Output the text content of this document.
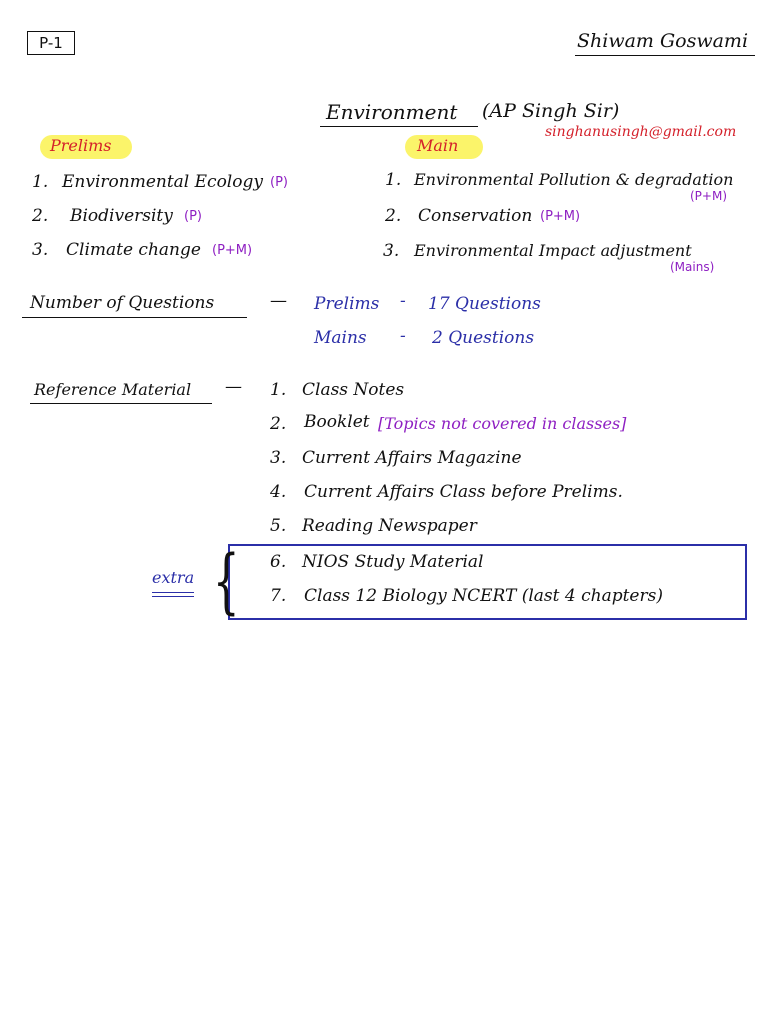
P-1	Shiwam Goswami
Environment (AP Singh Sir)
singhanusingh@gmail.com
Prelims	Main
1. Environmental Ecology (P)
2. Biodiversity (P)
3. Climate change (P+M)
1. Environmental Pollution & degradation
(P+M)
2. Conservation (P+M)
3. Environmental Impact adjustment
(Mains)
Number of Questions	— Prelims - 17 Questions
Mains - 2 Questions
Reference Material — 1. Class Notes
2. Booklet [Topics not covered in classes]
3. Current Affairs Magazine
4. Current Affairs Class before Prelims.
5. Reading Newspaper
{
extra
6. NIOS Study Material
7. Class 12 Biology NCERT (last 4 chapters)
